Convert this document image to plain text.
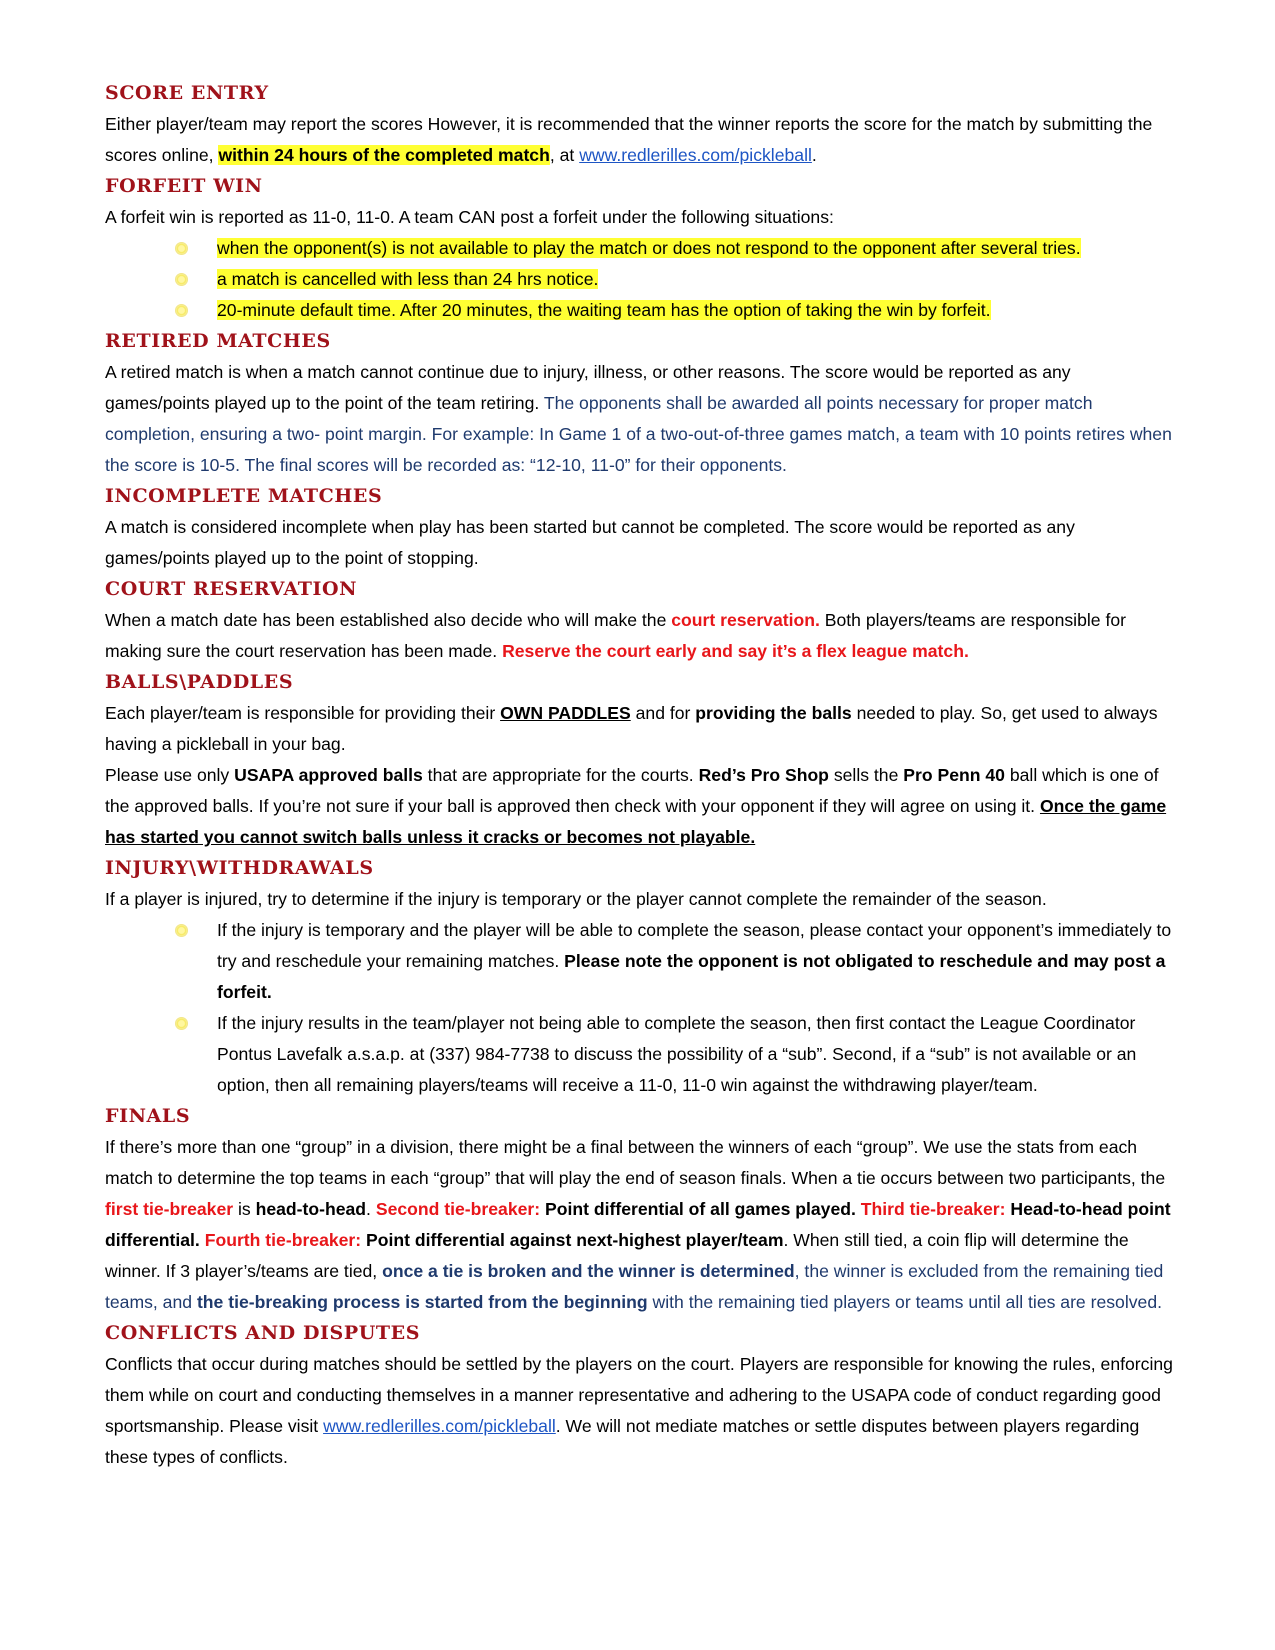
SCORE ENTRY

Either player/team may report the scores However, it is recommended that the winner reports the score for the match by submitting the scores online, within 24 hours of the completed match, at www.redlerilles.com/pickleball.

FORFEIT WIN

A forfeit win is reported as 11-0, 11-0. A team CAN post a forfeit under the following situations:

when the opponent(s) is not available to play the match or does not respond to the opponent after several tries.
a match is cancelled with less than 24 hrs notice.
20-minute default time. After 20 minutes, the waiting team has the option of taking the win by forfeit.
RETIRED MATCHES

A retired match is when a match cannot continue due to injury, illness, or other reasons. The score would be reported as any games/points played up to the point of the team retiring. The opponents shall be awarded all points necessary for proper match completion, ensuring a two- point margin. For example: In Game 1 of a two-out-of-three games match, a team with 10 points retires when the score is 10-5. The final scores will be recorded as: “12-10, 11-0” for their opponents.

INCOMPLETE MATCHES

A match is considered incomplete when play has been started but cannot be completed. The score would be reported as any games/points played up to the point of stopping.

COURT RESERVATION

When a match date has been established also decide who will make the court reservation. Both players/teams are responsible for making sure the court reservation has been made. Reserve the court early and say it’s a flex league match.

BALLS\PADDLES

Each player/team is responsible for providing their OWN PADDLES and for providing the balls needed to play. So, get used to always having a pickleball in your bag.

Please use only USAPA approved balls that are appropriate for the courts. Red’s Pro Shop sells the Pro Penn 40 ball which is one of the approved balls. If you’re not sure if your ball is approved then check with your opponent if they will agree on using it. Once the game has started you cannot switch balls unless it cracks or becomes not playable.

INJURY\WITHDRAWALS

If a player is injured, try to determine if the injury is temporary or the player cannot complete the remainder of the season.

If the injury is temporary and the player will be able to complete the season, please contact your opponent’s immediately to try and reschedule your remaining matches. Please note the opponent is not obligated to reschedule and may post a forfeit.
If the injury results in the team/player not being able to complete the season, then first contact the League Coordinator Pontus Lavefalk a.s.a.p. at (337) 984-7738 to discuss the possibility of a “sub”. Second, if a “sub” is not available or an option, then all remaining players/teams will receive a 11-0, 11-0 win against the withdrawing player/team.
FINALS

If there’s more than one “group” in a division, there might be a final between the winners of each “group”. We use the stats from each match to determine the top teams in each “group” that will play the end of season finals. When a tie occurs between two participants, the first tie-breaker is head-to-head. Second tie-breaker: Point differential of all games played. Third tie-breaker: Head-to-head point differential. Fourth tie-breaker: Point differential against next-highest player/team. When still tied, a coin flip will determine the winner. If 3 player’s/teams are tied, once a tie is broken and the winner is determined, the winner is excluded from the remaining tied teams, and the tie-breaking process is started from the beginning with the remaining tied players or teams until all ties are resolved.

CONFLICTS AND DISPUTES

Conflicts that occur during matches should be settled by the players on the court. Players are responsible for knowing the rules, enforcing them while on court and conducting themselves in a manner representative and adhering to the USAPA code of conduct regarding good sportsmanship. Please visit www.redlerilles.com/pickleball. We will not mediate matches or settle disputes between players regarding these types of conflicts.
